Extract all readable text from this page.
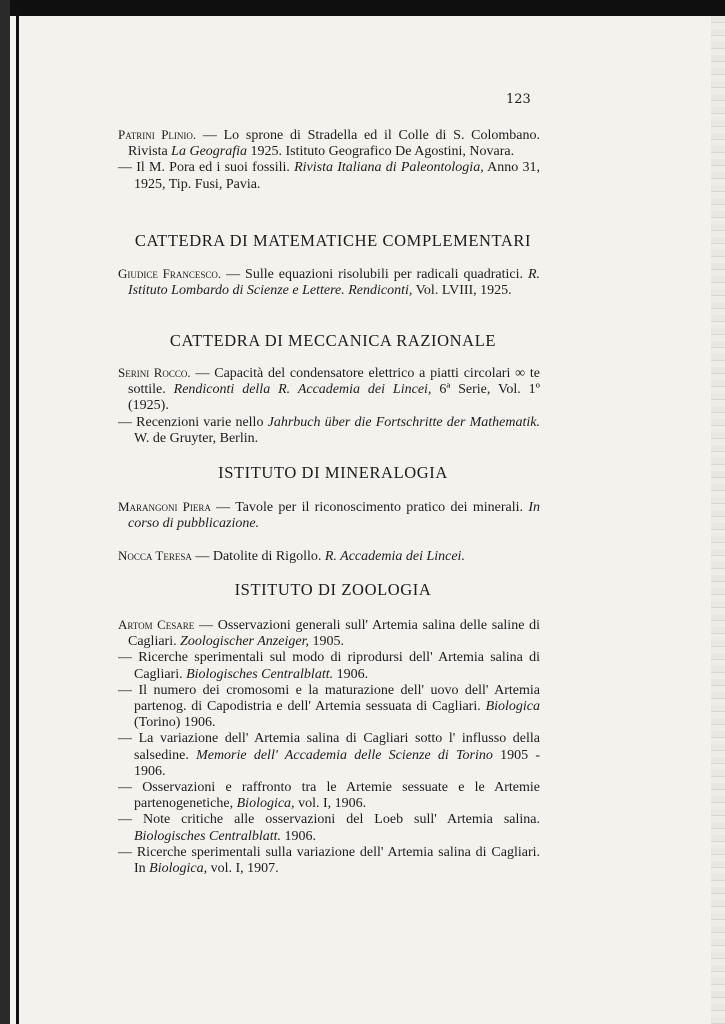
123

Patrini Plinio. — Lo sprone di Stradella ed il Colle di S. Colombano. Rivista La Geografia 1925. Istituto Geografico De Agostini, Novara.

— Il M. Pora ed i suoi fossili. Rivista Italiana di Paleontologia, Anno 31, 1925, Tip. Fusi, Pavia.

CATTEDRA DI MATEMATICHE COMPLEMENTARI

Giudice Francesco. — Sulle equazioni risolubili per radicali quadratici. R. Istituto Lombardo di Scienze e Lettere. Rendiconti, Vol. LVIII, 1925.

CATTEDRA DI MECCANICA RAZIONALE

Serini Rocco. — Capacità del condensatore elettrico a piatti circolari ∞ te sottile. Rendiconti della R. Accademia dei Lincei, 6ª Serie, Vol. 1º (1925).

— Recenzioni varie nello Jahrbuch über die Fortschritte der Mathematik. W. de Gruyter, Berlin.

ISTITUTO DI MINERALOGIA

Marangoni Piera — Tavole per il riconoscimento pratico dei minerali. In corso di pubblicazione.

Nocca Teresa — Datolite di Rigollo. R. Accademia dei Lincei.

ISTITUTO DI ZOOLOGIA

Artom Cesare — Osservazioni generali sull' Artemia salina delle saline di Cagliari. Zoologischer Anzeiger, 1905.

— Ricerche sperimentali sul modo di riprodursi dell' Artemia salina di Cagliari. Biologisches Centralblatt. 1906.

— Il numero dei cromosomi e la maturazione dell' uovo dell' Artemia partenog. di Capodistria e dell' Artemia sessuata di Cagliari. Biologica (Torino) 1906.

— La variazione dell' Artemia salina di Cagliari sotto l' influsso della salsedine. Memorie dell' Accademia delle Scienze di Torino 1905 - 1906.

— Osservazioni e raffronto tra le Artemie sessuate e le Artemie partenogenetiche, Biologica, vol. I, 1906.

— Note critiche alle osservazioni del Loeb sull' Artemia salina. Biologisches Centralblatt. 1906.

— Ricerche sperimentali sulla variazione dell' Artemia salina di Cagliari. In Biologica, vol. I, 1907.
